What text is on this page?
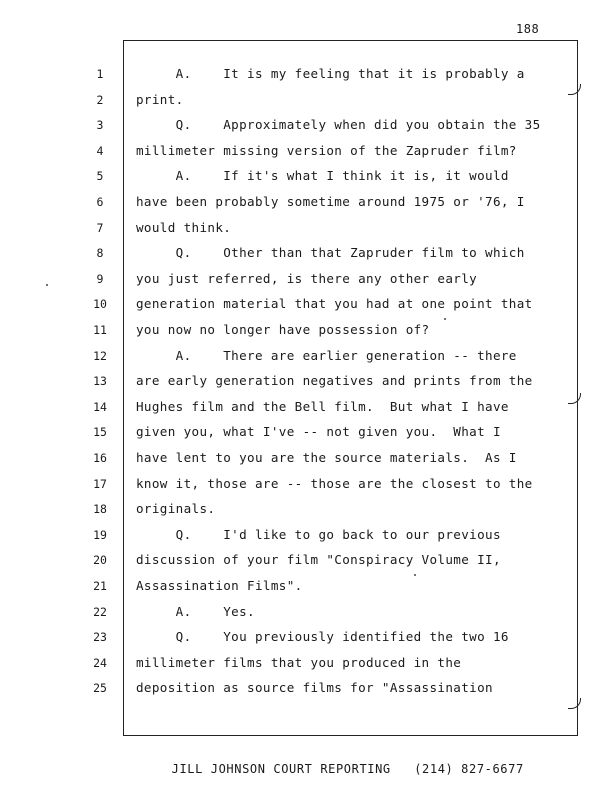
188
1
2
3
4
5
6
7
8
9
10
11
12
13
14
15
16
17
18
19
20
21
22
23
24
25
A.    It is my feeling that it is probably a
print.
Q.    Approximately when did you obtain the 35
millimeter missing version of the Zapruder film?
A.    If it's what I think it is, it would
have been probably sometime around 1975 or '76, I
would think.
Q.    Other than that Zapruder film to which
you just referred, is there any other early
generation material that you had at one point that
you now no longer have possession of?
A.    There are earlier generation -- there
are early generation negatives and prints from the
Hughes film and the Bell film.  But what I have
given you, what I've -- not given you.  What I
have lent to you are the source materials.  As I
know it, those are -- those are the closest to the
originals.
Q.    I'd like to go back to our previous
discussion of your film "Conspiracy Volume II,
Assassination Films".
A.    Yes.
Q.    You previously identified the two 16
millimeter films that you produced in the
deposition as source films for "Assassination

JILL JOHNSON COURT REPORTING (214) 827-6677
